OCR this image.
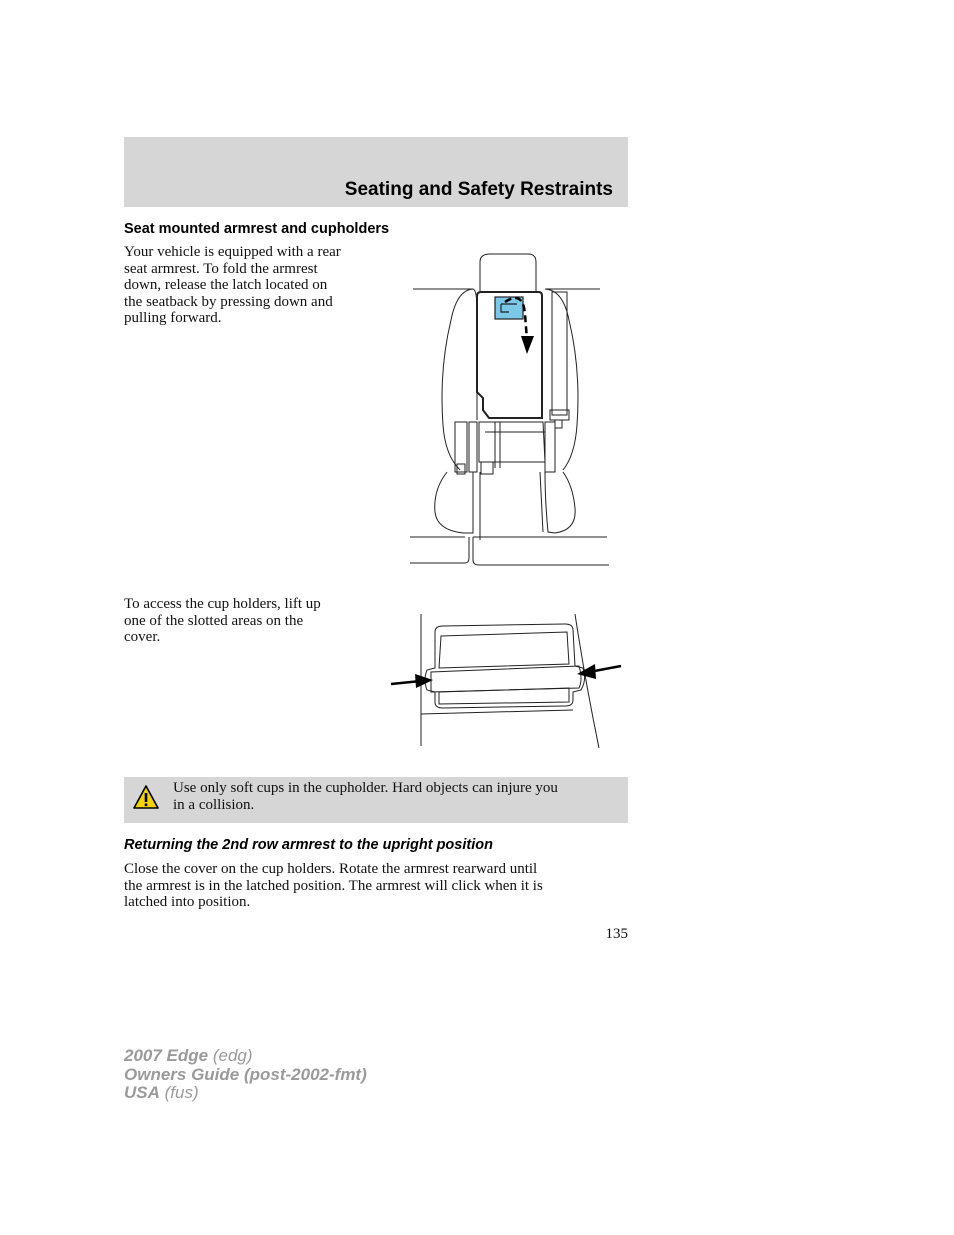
Seating and Safety Restraints
Seat mounted armrest and cupholders
Your vehicle is equipped with a rear
seat armrest. To fold the armrest
down, release the latch located on
the seatback by pressing down and
pulling forward.
To access the cup holders, lift up
one of the slotted areas on the
cover.
Use only soft cups in the cupholder. Hard objects can injure you
in a collision.
Returning the 2nd row armrest to the upright position
Close the cover on the cup holders. Rotate the armrest rearward until
the armrest is in the latched position. The armrest will click when it is
latched into position.
135
2007 Edge (edg)
Owners Guide (post-2002-fmt)
USA (fus)
